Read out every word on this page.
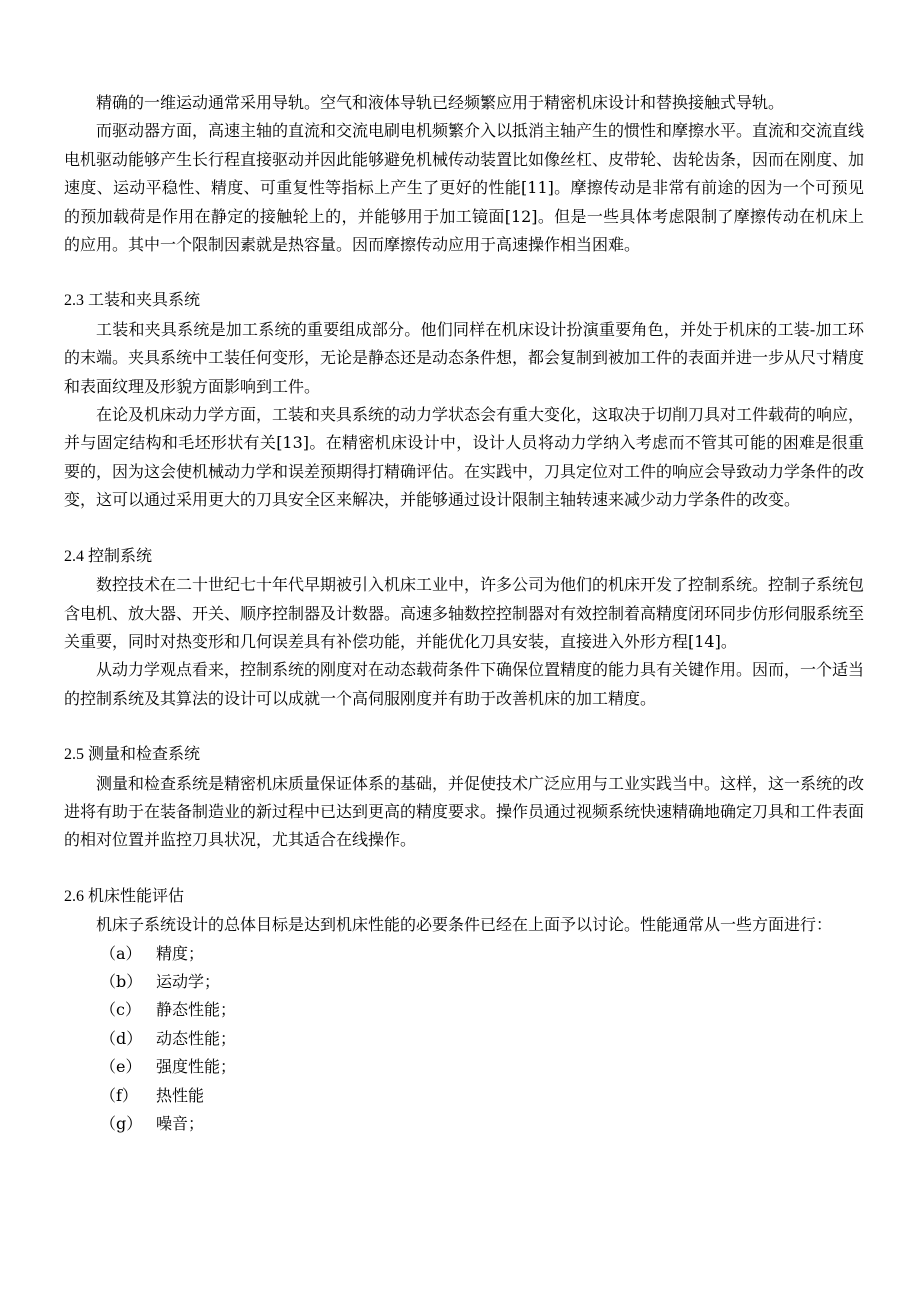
精确的一维运动通常采用导轨。空气和液体导轨已经频繁应用于精密机床设计和替换接触式导轨。

而驱动器方面，高速主轴的直流和交流电刷电机频繁介入以抵消主轴产生的惯性和摩擦水平。直流和交流直线电机驱动能够产生长行程直接驱动并因此能够避免机械传动装置比如像丝杠、皮带轮、齿轮齿条，因而在刚度、加速度、运动平稳性、精度、可重复性等指标上产生了更好的性能[11]。摩擦传动是非常有前途的因为一个可预见的预加载荷是作用在静定的接触轮上的，并能够用于加工镜面[12]。但是一些具体考虑限制了摩擦传动在机床上的应用。其中一个限制因素就是热容量。因而摩擦传动应用于高速操作相当困难。

2.3 工装和夹具系统

工装和夹具系统是加工系统的重要组成部分。他们同样在机床设计扮演重要角色，并处于机床的工装-加工环的末端。夹具系统中工装任何变形，无论是静态还是动态条件想，都会复制到被加工件的表面并进一步从尺寸精度和表面纹理及形貌方面影响到工件。

在论及机床动力学方面，工装和夹具系统的动力学状态会有重大变化，这取决于切削刀具对工件载荷的响应，并与固定结构和毛坯形状有关[13]。在精密机床设计中，设计人员将动力学纳入考虑而不管其可能的困难是很重要的，因为这会使机械动力学和误差预期得打精确评估。在实践中，刀具定位对工件的响应会导致动力学条件的改变，这可以通过采用更大的刀具安全区来解决，并能够通过设计限制主轴转速来减少动力学条件的改变。

2.4 控制系统

数控技术在二十世纪七十年代早期被引入机床工业中，许多公司为他们的机床开发了控制系统。控制子系统包含电机、放大器、开关、顺序控制器及计数器。高速多轴数控控制器对有效控制着高精度闭环同步仿形伺服系统至关重要，同时对热变形和几何误差具有补偿功能，并能优化刀具安装，直接进入外形方程[14]。

从动力学观点看来，控制系统的刚度对在动态载荷条件下确保位置精度的能力具有关键作用。因而，一个适当的控制系统及其算法的设计可以成就一个高伺服刚度并有助于改善机床的加工精度。

2.5 测量和检查系统

测量和检查系统是精密机床质量保证体系的基础，并促使技术广泛应用与工业实践当中。这样，这一系统的改进将有助于在装备制造业的新过程中已达到更高的精度要求。操作员通过视频系统快速精确地确定刀具和工件表面的相对位置并监控刀具状况，尤其适合在线操作。

2.6 机床性能评估

机床子系统设计的总体目标是达到机床性能的必要条件已经在上面予以讨论。性能通常从一些方面进行：

（a） 精度；
（b） 运动学；
（c） 静态性能；
（d） 动态性能；
（e） 强度性能；
（f）	热性能
（g） 噪音；
